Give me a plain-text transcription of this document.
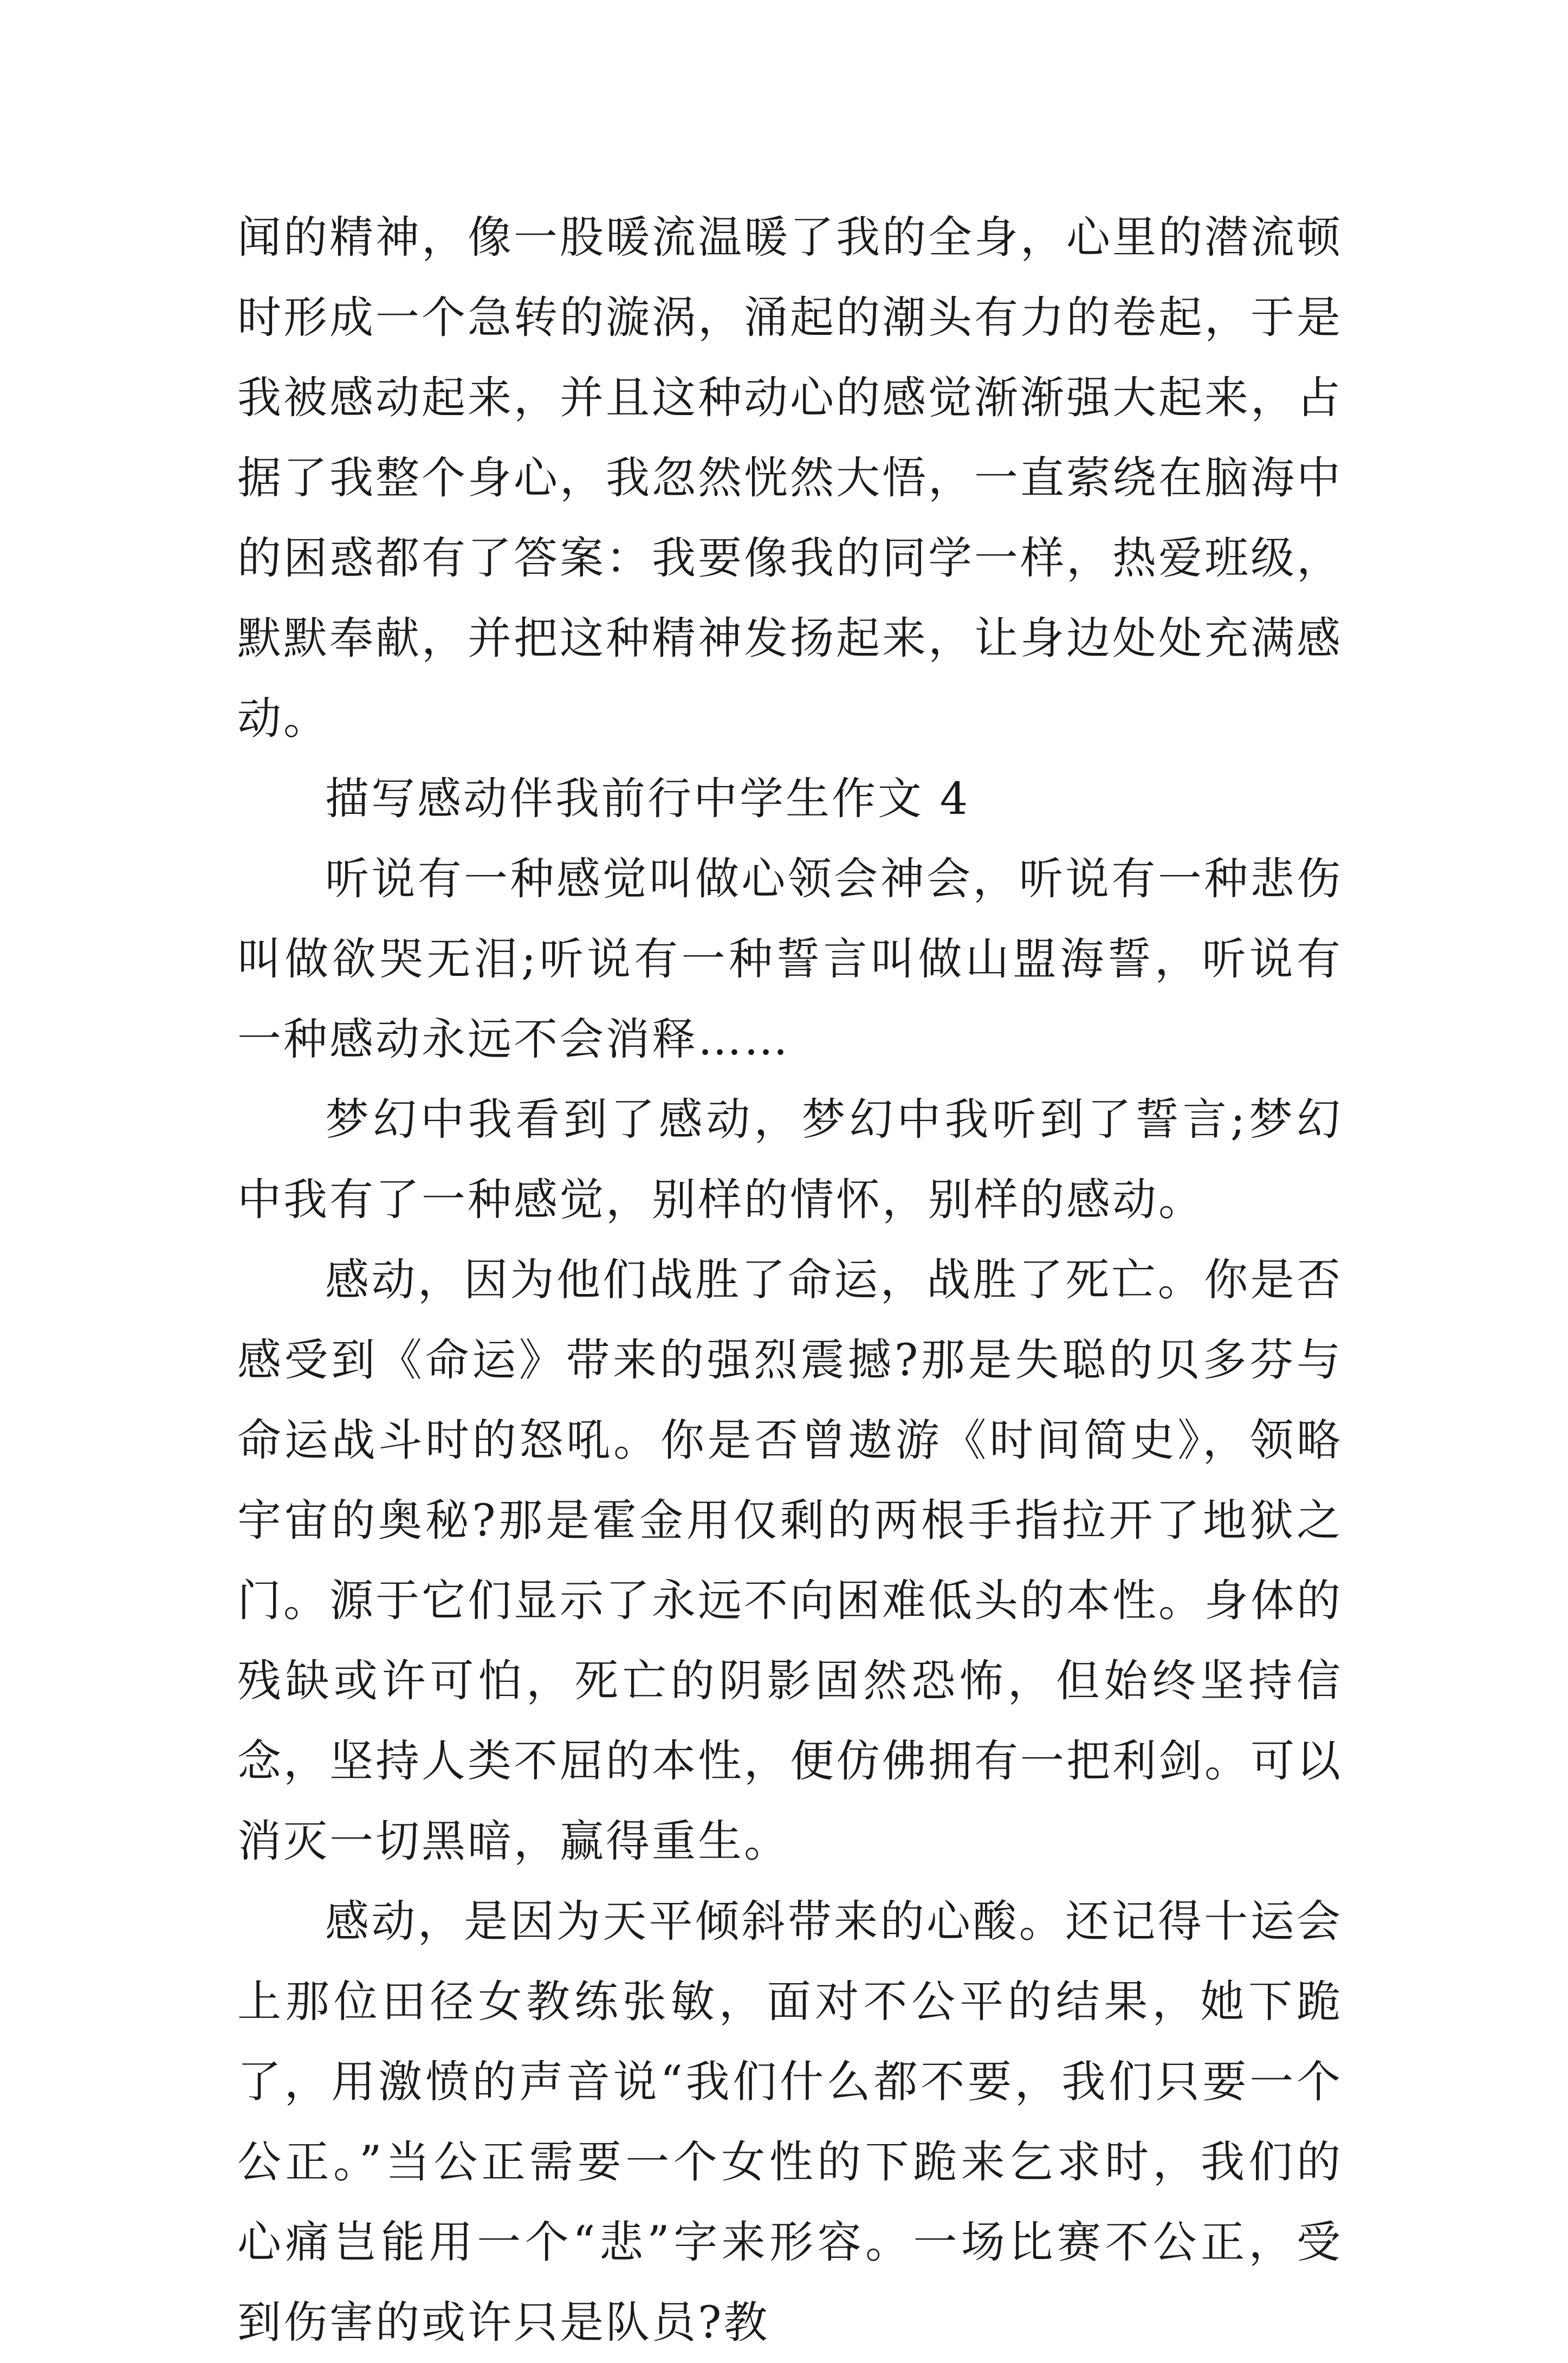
闻的精神，像一股暖流温暖了我的全身，心里的潜流顿时形成一个急转的漩涡，涌起的潮头有力的卷起，于是我被感动起来，并且这种动心的感觉渐渐强大起来，占据了我整个身心，我忽然恍然大悟，一直萦绕在脑海中的困惑都有了答案：我要像我的同学一样，热爱班级，默默奉献，并把这种精神发扬起来，让身边处处充满感动。

描写感动伴我前行中学生作文 4

听说有一种感觉叫做心领会神会，听说有一种悲伤叫做欲哭无泪;听说有一种誓言叫做山盟海誓，听说有一种感动永远不会消释……

梦幻中我看到了感动，梦幻中我听到了誓言;梦幻中我有了一种感觉，别样的情怀，别样的感动。

感动，因为他们战胜了命运，战胜了死亡。你是否感受到《命运》带来的强烈震撼?那是失聪的贝多芬与命运战斗时的怒吼。你是否曾遨游《时间简史》，领略宇宙的奥秘?那是霍金用仅剩的两根手指拉开了地狱之门。源于它们显示了永远不向困难低头的本性。身体的残缺或许可怕，死亡的阴影固然恐怖，但始终坚持信念，坚持人类不屈的本性，便仿佛拥有一把利剑。可以消灭一切黑暗，赢得重生。

感动，是因为天平倾斜带来的心酸。还记得十运会上那位田径女教练张敏，面对不公平的结果，她下跪了，用激愤的声音说“我们什么都不要，我们只要一个公正。”当公正需要一个女性的下跪来乞求时，我们的心痛岂能用一个“悲”字来形容。一场比赛不公正，受到伤害的或许只是队员?教
